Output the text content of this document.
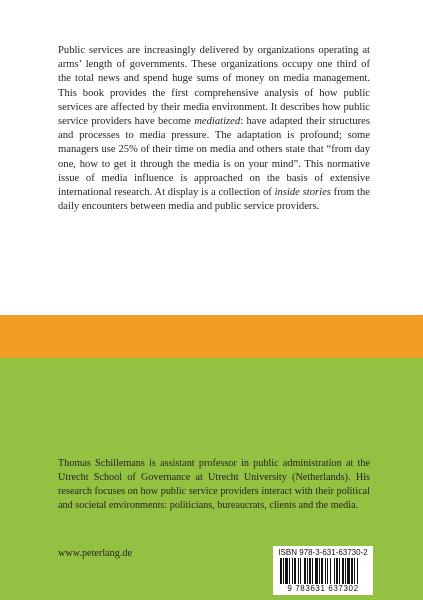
Public services are increasingly delivered by organizations operating at arms’ length of governments. These organizations occupy one third of the total news and spend huge sums of money on media management. This book provides the first comprehensive analysis of how public services are affected by their media environment. It describes how public service providers have become mediatized: have adapted their structures and processes to media pressure. The adaptation is profound; some managers use 25% of their time on media and others state that “from day one, how to get it through the media is on your mind”. This normative issue of media influence is approached on the basis of extensive international research. At display is a collection of inside stories from the daily encounters between media and public service providers.

Thomas Schillemans is assistant professor in public administration at the Utrecht School of Governance at Utrecht University (Netherlands). His research focuses on how public service providers interact with their political and societal environments: politicians, bureaucrats, clients and the media.

www.peterlang.de	ISBN 978-3-631-63730-2
9 783631 637302
